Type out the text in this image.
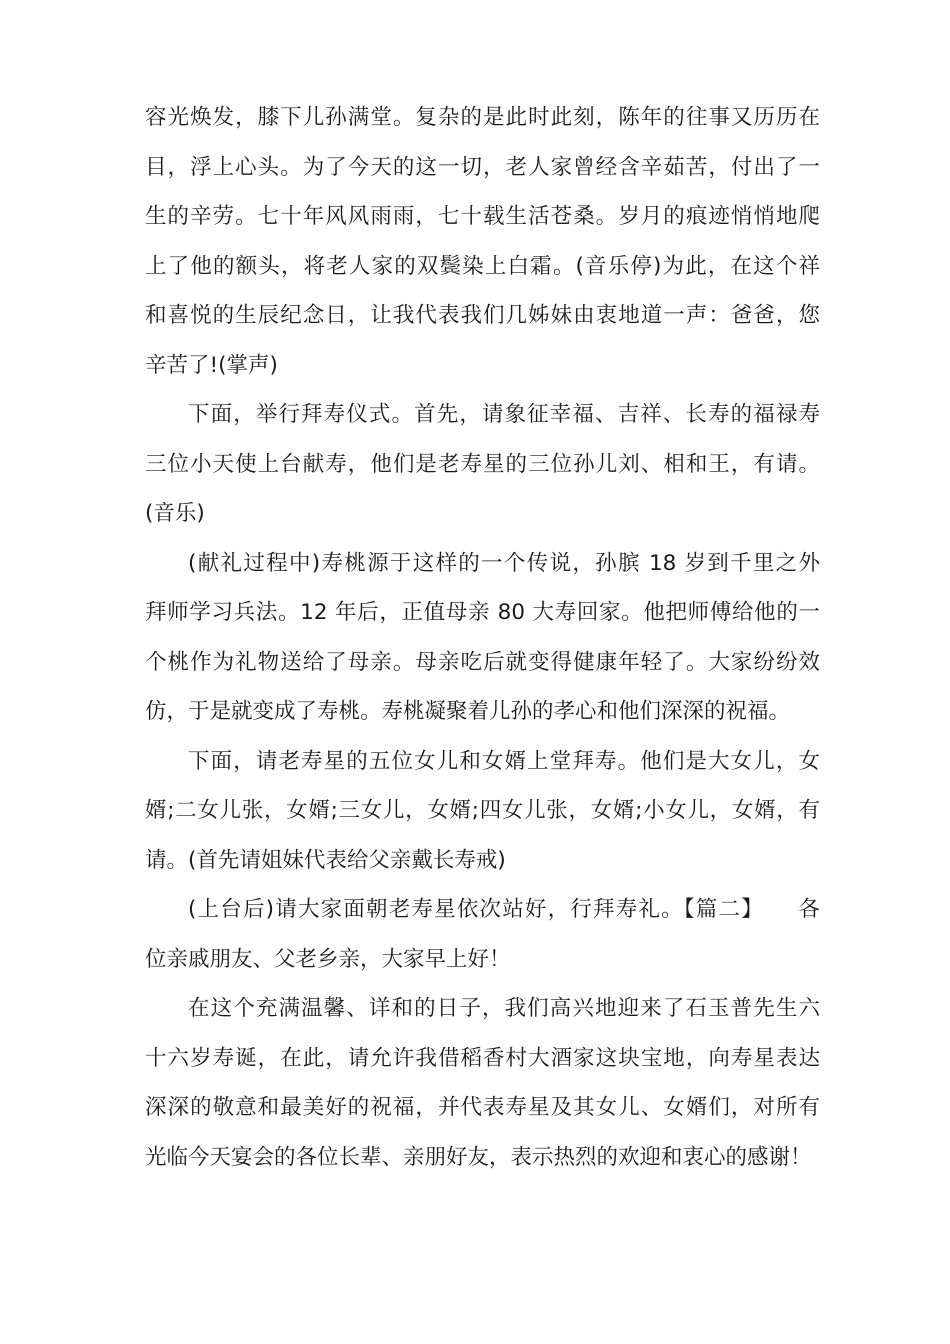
容光焕发，膝下儿孙满堂。复杂的是此时此刻，陈年的往事又历历在
目，浮上心头。为了今天的这一切，老人家曾经含辛茹苦，付出了一
生的辛劳。七十年风风雨雨，七十载生活苍桑。岁月的痕迹悄悄地爬
上了他的额头，将老人家的双鬓染上白霜。(音乐停)为此，在这个祥
和喜悦的生辰纪念日，让我代表我们几姊妹由衷地道一声：爸爸，您
辛苦了!(掌声)
下面，举行拜寿仪式。首先，请象征幸福、吉祥、长寿的福禄寿
三位小天使上台献寿，他们是老寿星的三位孙儿刘、相和王，有请。
(音乐)
(献礼过程中)寿桃源于这样的一个传说，孙膑 18 岁到千里之外
拜师学习兵法。12 年后，正值母亲 80 大寿回家。他把师傅给他的一
个桃作为礼物送给了母亲。母亲吃后就变得健康年轻了。大家纷纷效
仿，于是就变成了寿桃。寿桃凝聚着儿孙的孝心和他们深深的祝福。
下面，请老寿星的五位女儿和女婿上堂拜寿。他们是大女儿，女
婿;二女儿张，女婿;三女儿，女婿;四女儿张，女婿;小女儿，女婿，有
请。(首先请姐妹代表给父亲戴长寿戒)
(上台后)请大家面朝老寿星依次站好，行拜寿礼。【篇二】　　各
位亲戚朋友、父老乡亲，大家早上好！
在这个充满温馨、详和的日子，我们高兴地迎来了石玉普先生六
十六岁寿诞，在此，请允许我借稻香村大酒家这块宝地，向寿星表达
深深的敬意和最美好的祝福，并代表寿星及其女儿、女婿们，对所有
光临今天宴会的各位长辈、亲朋好友，表示热烈的欢迎和衷心的感谢！
